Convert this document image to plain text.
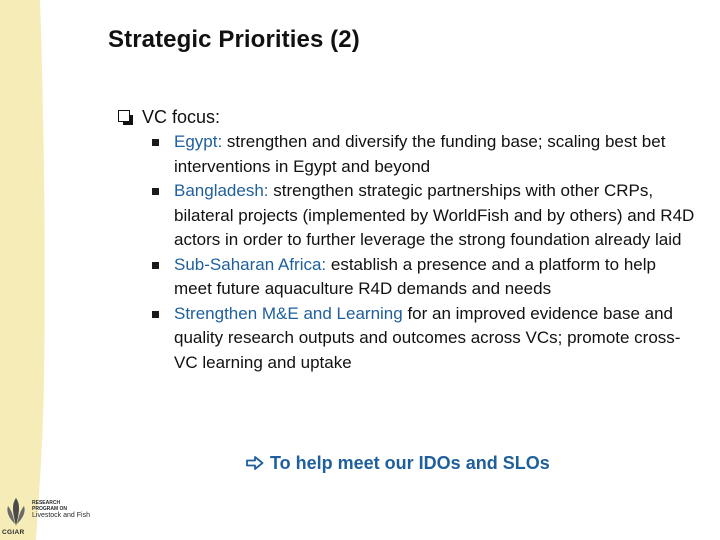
Strategic Priorities (2)
VC focus:
Egypt: strengthen and diversify the funding base; scaling best bet interventions in Egypt and beyond
Bangladesh: strengthen strategic partnerships with other CRPs, bilateral projects (implemented by WorldFish and by others) and R4D actors in order to further leverage the strong foundation already laid
Sub-Saharan Africa: establish a presence and a platform to help meet future aquaculture R4D demands and needs
Strengthen M&E and Learning for an improved evidence base and quality research outputs and outcomes across VCs; promote cross-VC learning and uptake
To help meet our IDOs and SLOs
RESEARCH
PROGRAM ON
Livestock and Fish
CGIAR
